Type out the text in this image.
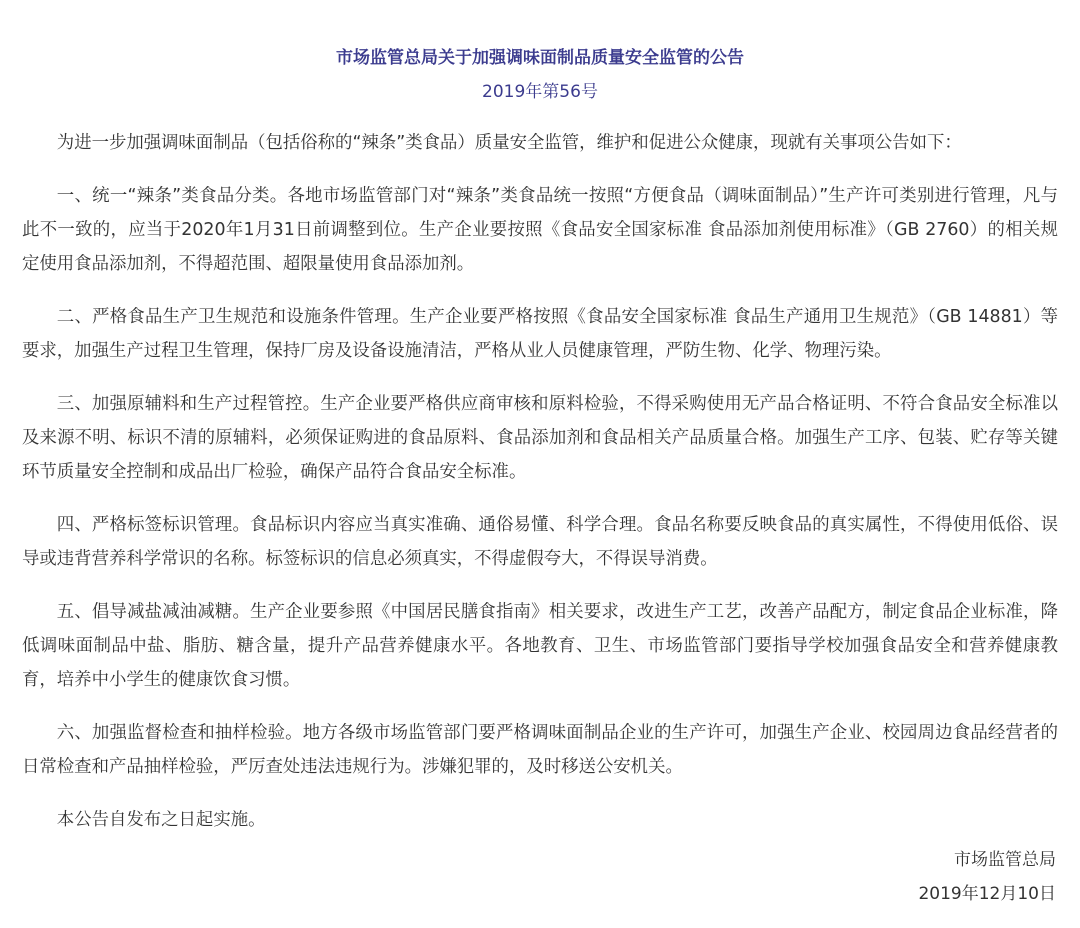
市场监管总局关于加强调味面制品质量安全监管的公告
2019年第56号

为进一步加强调味面制品（包括俗称的“辣条”类食品）质量安全监管，维护和促进公众健康，现就有关事项公告如下：

一、统一“辣条”类食品分类。各地市场监管部门对“辣条”类食品统一按照“方便食品（调味面制品）”生产许可类别进行管理，凡与此不一致的，应当于2020年1月31日前调整到位。生产企业要按照《食品安全国家标准 食品添加剂使用标准》（GB 2760）的相关规定使用食品添加剂，不得超范围、超限量使用食品添加剂。

二、严格食品生产卫生规范和设施条件管理。生产企业要严格按照《食品安全国家标准 食品生产通用卫生规范》（GB 14881）等要求，加强生产过程卫生管理，保持厂房及设备设施清洁，严格从业人员健康管理，严防生物、化学、物理污染。

三、加强原辅料和生产过程管控。生产企业要严格供应商审核和原料检验，不得采购使用无产品合格证明、不符合食品安全标准以及来源不明、标识不清的原辅料，必须保证购进的食品原料、食品添加剂和食品相关产品质量合格。加强生产工序、包装、贮存等关键环节质量安全控制和成品出厂检验，确保产品符合食品安全标准。

四、严格标签标识管理。食品标识内容应当真实准确、通俗易懂、科学合理。食品名称要反映食品的真实属性，不得使用低俗、误导或违背营养科学常识的名称。标签标识的信息必须真实，不得虚假夸大，不得误导消费。

五、倡导减盐减油减糖。生产企业要参照《中国居民膳食指南》相关要求，改进生产工艺，改善产品配方，制定食品企业标准，降低调味面制品中盐、脂肪、糖含量，提升产品营养健康水平。各地教育、卫生、市场监管部门要指导学校加强食品安全和营养健康教育，培养中小学生的健康饮食习惯。

六、加强监督检查和抽样检验。地方各级市场监管部门要严格调味面制品企业的生产许可，加强生产企业、校园周边食品经营者的日常检查和产品抽样检验，严厉查处违法违规行为。涉嫌犯罪的，及时移送公安机关。

本公告自发布之日起实施。

市场监管总局
2019年12月10日
